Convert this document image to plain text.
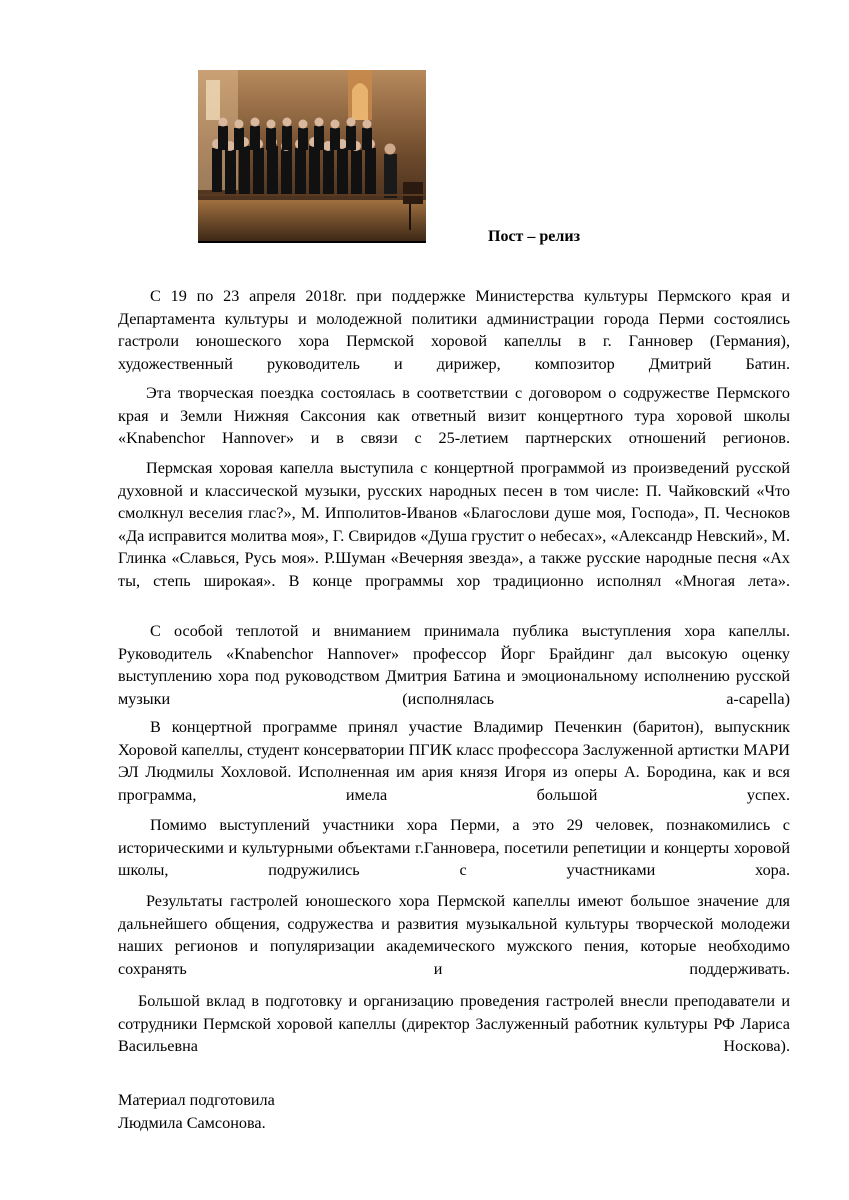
Пост – релиз

С 19 по 23 апреля 2018г. при поддержке Министерства культуры Пермского края и Департамента культуры и молодежной политики администрации города Перми состоялись гастроли юношеского хора Пермской хоровой капеллы в г. Ганновер (Германия), художественный руководитель и дирижер, композитор Дмитрий Батин.

Эта творческая поездка состоялась в соответствии с договором о содружестве Пермского края и Земли Нижняя Саксония как ответный визит концертного тура хоровой школы «Knabenchor Hannover» и в связи с 25-летием партнерских отношений регионов.

Пермская хоровая капелла выступила с концертной программой из произведений русской духовной и классической музыки, русских народных песен в том числе: П. Чайковский «Что смолкнул веселия глас?», М. Ипполитов-Иванов «Благослови душе моя, Господа», П. Чесноков «Да исправится молитва моя», Г. Свиридов «Душа грустит о небесах», «Александр Невский», М. Глинка «Славься, Русь моя». Р.Шуман «Вечерняя звезда», а также русские народные песня «Ах ты, степь широкая». В конце программы хор традиционно исполнял «Многая лета».

С особой теплотой и вниманием принимала публика выступления хора капеллы. Руководитель «Knabenchor Hannover» профессор Йорг Брайдинг дал высокую оценку выступлению хора под руководством Дмитрия Батина и эмоциональному исполнению русской музыки (исполнялась a-capella)

В концертной программе принял участие Владимир Печенкин (баритон), выпускник Хоровой капеллы, студент консерватории ПГИК класс профессора Заслуженной артистки МАРИ ЭЛ Людмилы Хохловой. Исполненная им ария князя Игоря из оперы А. Бородина, как и вся программа, имела большой успех.

Помимо выступлений участники хора Перми, а это 29 человек, познакомились с историческими и культурными объектами г.Ганновера, посетили репетиции и концерты хоровой школы, подружились с участниками хора.

Результаты гастролей юношеского хора Пермской капеллы имеют большое значение для дальнейшего общения, содружества и развития музыкальной культуры творческой молодежи наших регионов и популяризации академического мужского пения, которые необходимо сохранять и поддерживать.

Большой вклад в подготовку и организацию проведения гастролей внесли преподаватели и сотрудники Пермской хоровой капеллы (директор Заслуженный работник культуры РФ Лариса Васильевна Носкова).

Материал подготовила
Людмила Самсонова.
